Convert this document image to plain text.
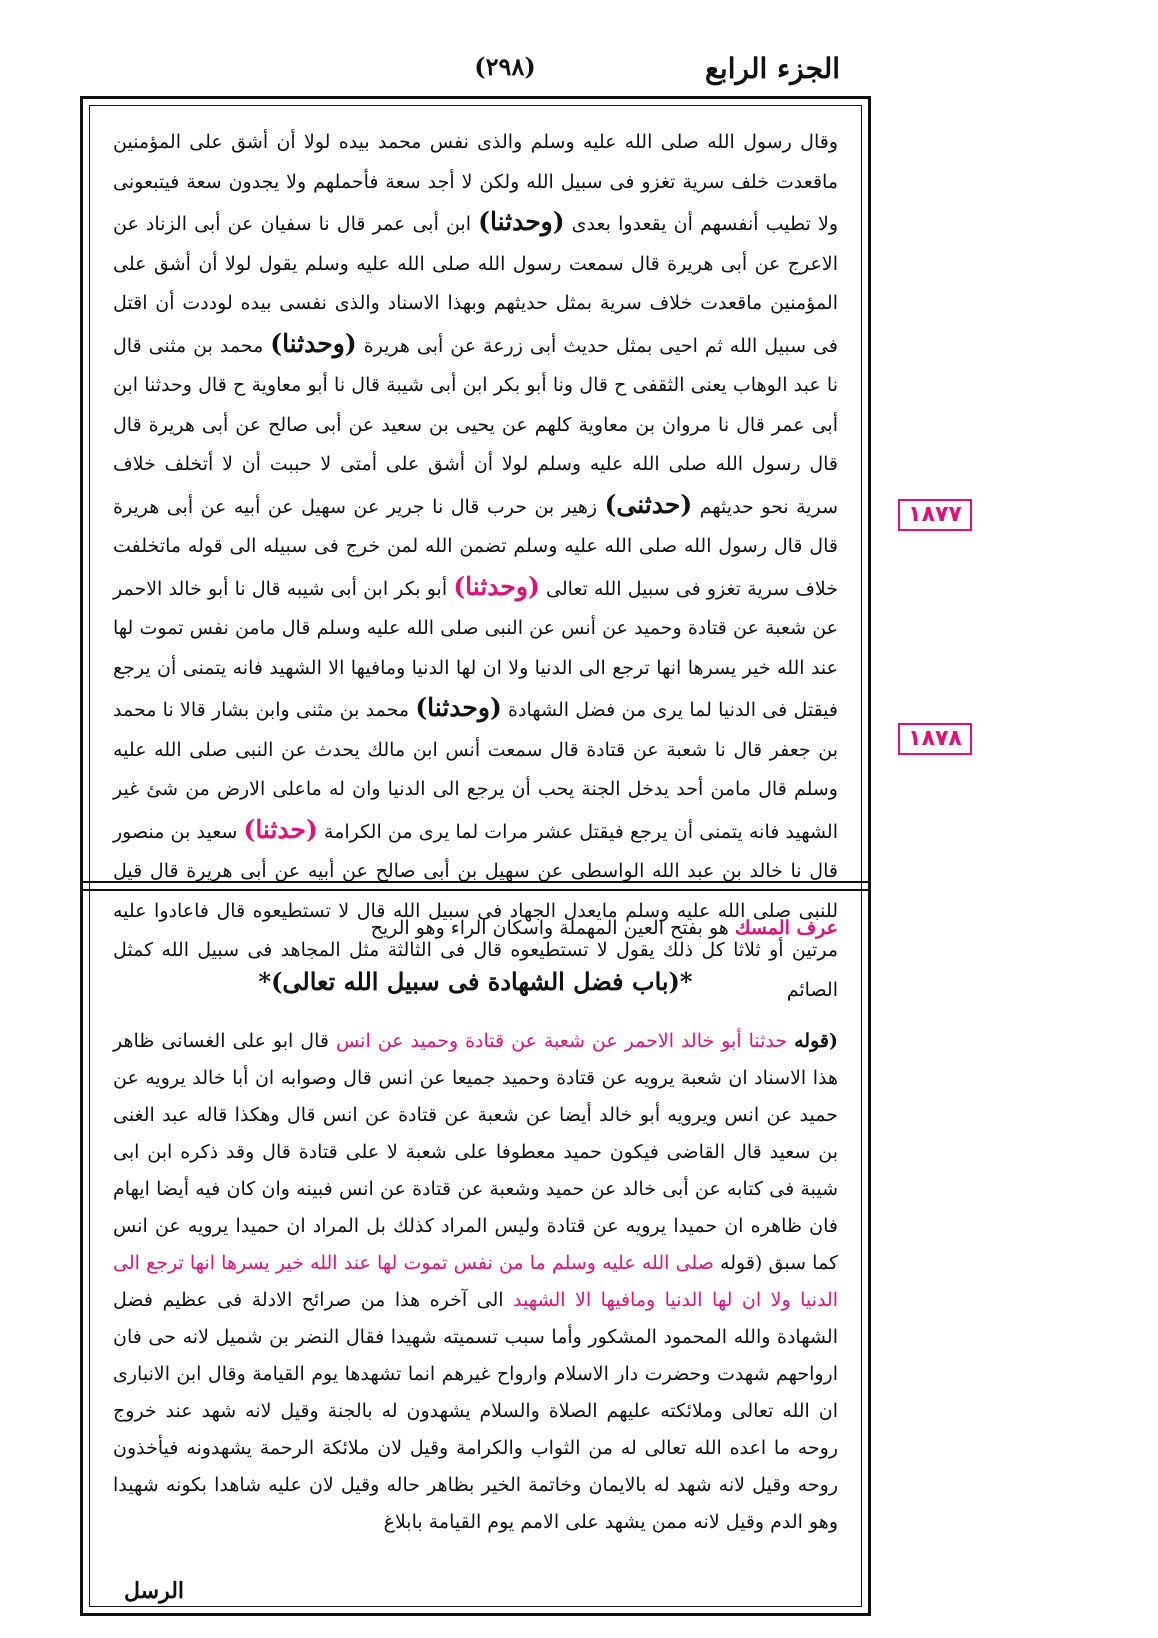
(٢٩٨)	الجزء الرابع
وقال رسول الله صلى الله عليه وسلم والذى نفس محمد بيده لولا أن أشق على المؤمنين ماقعدت خلف سرية تغزو فى سبيل الله ولكن لا أجد سعة فأحملهم ولا يجدون سعة فيتبعونى ولا تطيب أنفسهم أن يقعدوا بعدى (وحدثنا) ابن أبى عمر قال نا سفيان عن أبى الزناد عن الاعرج عن أبى هريرة قال سمعت رسول الله صلى الله عليه وسلم يقول لولا أن أشق على المؤمنين ماقعدت خلاف سرية بمثل حديثهم وبهذا الاسناد والذى نفسى بيده لوددت أن اقتل فى سبيل الله ثم احيى بمثل حديث أبى زرعة عن أبى هريرة (وحدثنا) محمد بن مثنى قال نا عبد الوهاب يعنى الثقفى ح قال ونا أبو بكر ابن أبى شيبة قال نا أبو معاوية ح قال وحدثنا ابن أبى عمر قال نا مروان بن معاوية كلهم عن يحيى بن سعيد عن أبى صالح عن أبى هريرة قال قال رسول الله صلى الله عليه وسلم لولا أن أشق على أمتى لا حببت أن لا أتخلف خلاف سرية نحو حديثهم (حدثنى) زهير بن حرب قال نا جرير عن سهيل عن أبيه عن أبى هريرة قال قال رسول الله صلى الله عليه وسلم تضمن الله لمن خرج فى سبيله الى قوله ماتخلفت خلاف سرية تغزو فى سبيل الله تعالى (وحدثنا) أبو بكر ابن أبى شيبه قال نا أبو خالد الاحمر عن شعبة عن قتادة وحميد عن أنس عن النبى صلى الله عليه وسلم قال مامن نفس تموت لها عند الله خير يسرها انها ترجع الى الدنيا ولا ان لها الدنيا ومافيها الا الشهيد فانه يتمنى أن يرجع فيقتل فى الدنيا لما يرى من فضل الشهادة (وحدثنا) محمد بن مثنى وابن بشار قالا نا محمد بن جعفر قال نا شعبة عن قتادة قال سمعت أنس ابن مالك يحدث عن النبى صلى الله عليه وسلم قال مامن أحد يدخل الجنة يحب أن يرجع الى الدنيا وان له ماعلى الارض من شئ غير الشهيد فانه يتمنى أن يرجع فيقتل عشر مرات لما يرى من الكرامة (حدثنا) سعيد بن منصور قال نا خالد بن عبد الله الواسطى عن سهيل بن أبى صالح عن أبيه عن أبى هريرة قال قيل للنبى صلى الله عليه وسلم مايعدل الجهاد فى سبيل الله قال لا تستطيعوه قال فاعادوا عليه مرتين أو ثلاثا كل ذلك يقول لا تستطيعوه قال فى الثالثة مثل المجاهد فى سبيل الله كمثل الصائم
عرف المسك هو بفتح العين المهملة واسكان الراء وهو الريح
*(باب فضل الشهادة فى سبيل الله تعالى)*
(قوله حدثنا أبو خالد الاحمر عن شعبة عن قتادة وحميد عن انس قال ابو على الغسانى ظاهر هذا الاسناد ان شعبة يرويه عن قتادة وحميد جميعا عن انس قال وصوابه ان أبا خالد يرويه عن حميد عن انس ويرويه أبو خالد أيضا عن شعبة عن قتادة عن انس قال وهكذا قاله عبد الغنى بن سعيد قال القاضى فيكون حميد معطوفا على شعبة لا على قتادة قال وقد ذكره ابن ابى شيبة فى كتابه عن أبى خالد عن حميد وشعبة عن قتادة عن انس فبينه وان كان فيه أيضا ايهام فان ظاهره ان حميدا يرويه عن قتادة وليس المراد كذلك بل المراد ان حميدا يرويه عن انس كما سبق (قوله صلى الله عليه وسلم ما من نفس تموت لها عند الله خير يسرها انها ترجع الى الدنيا ولا ان لها الدنيا ومافيها الا الشهيد الى آخره هذا من صرائح الادلة فى عظيم فضل الشهادة والله المحمود المشكور وأما سبب تسميته شهيدا فقال النضر بن شميل لانه حى فان ارواحهم شهدت وحضرت دار الاسلام وارواح غيرهم انما تشهدها يوم القيامة وقال ابن الانبارى ان الله تعالى وملائكته عليهم الصلاة والسلام يشهدون له بالجنة وقيل لانه شهد عند خروج روحه ما اعده الله تعالى له من الثواب والكرامة وقيل لان ملائكة الرحمة يشهدونه فيأخذون روحه وقيل لانه شهد له بالايمان وخاتمة الخير بظاهر حاله وقيل لان عليه شاهدا بكونه شهيدا وهو الدم وقيل لانه ممن يشهد على الامم يوم القيامة بابلاغ
١٨٧٧
١٨٧٨
الرسل
